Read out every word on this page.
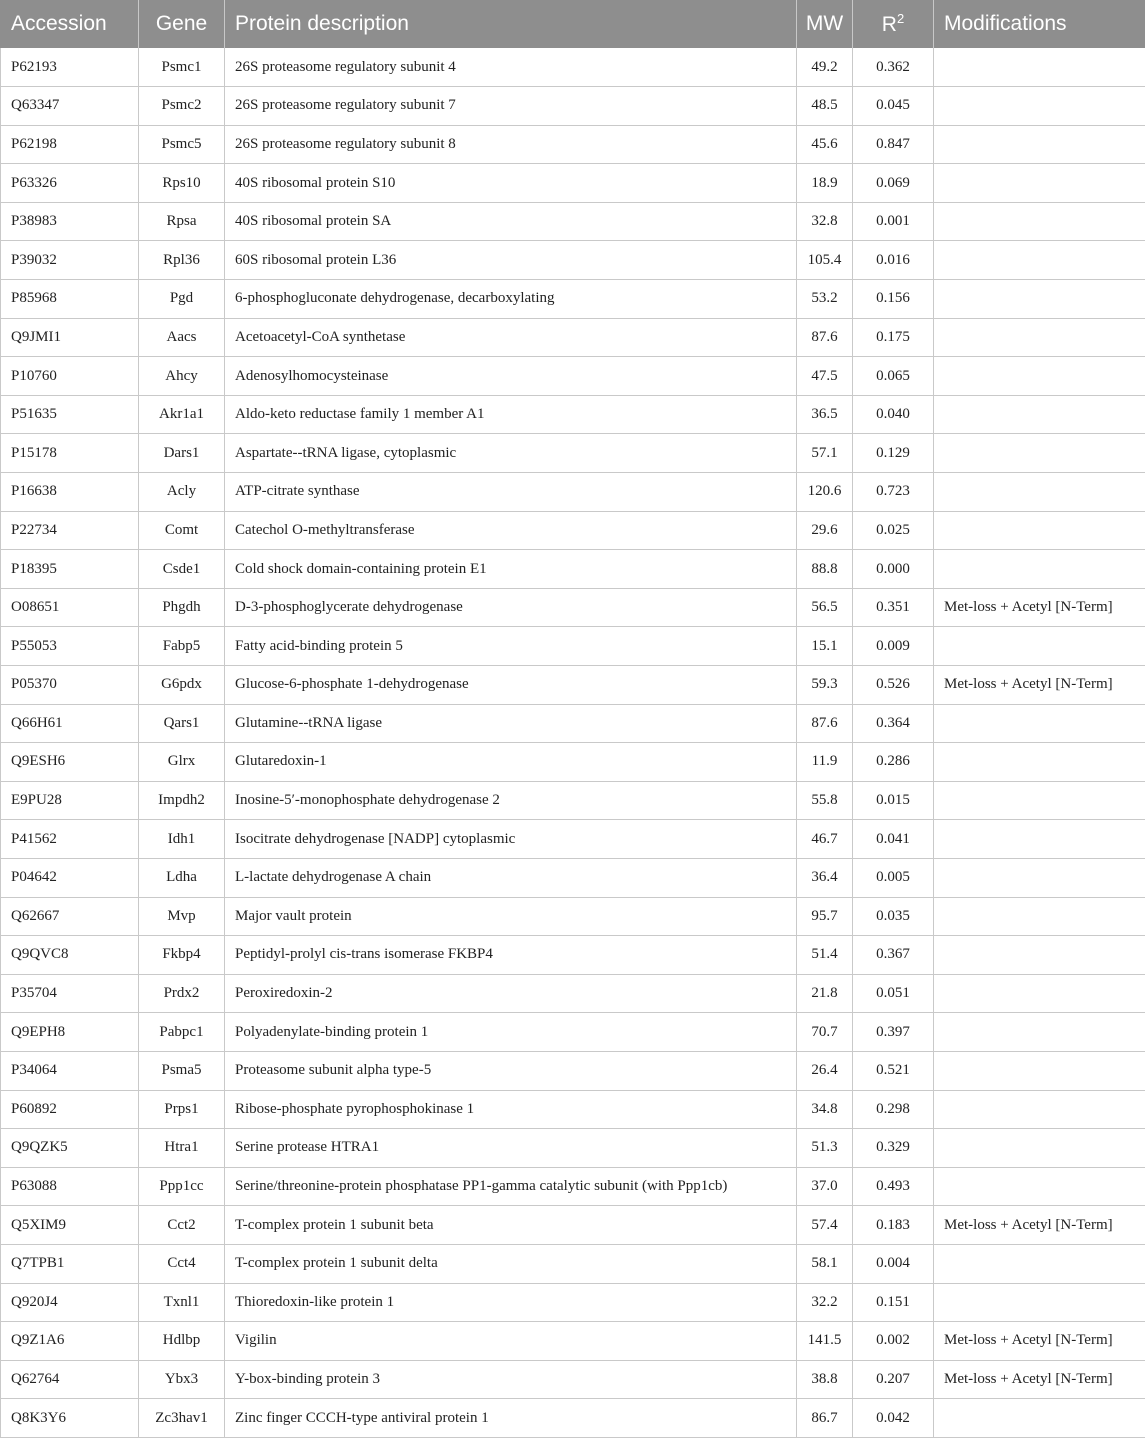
Accession	Gene	Protein description	MW	$R^2$	Modifications
P62193	Psmc1	26S proteasome regulatory subunit 4	49.2	0.362	
Q63347	Psmc2	26S proteasome regulatory subunit 7	48.5	0.045	
P62198	Psmc5	26S proteasome regulatory subunit 8	45.6	0.847	
P63326	Rps10	40S ribosomal protein S10	18.9	0.069	
P38983	Rpsa	40S ribosomal protein SA	32.8	0.001	
P39032	Rpl36	60S ribosomal protein L36	105.4	0.016	
P85968	Pgd	6-phosphogluconate dehydrogenase, decarboxylating	53.2	0.156	
Q9JMI1	Aacs	Acetoacetyl-CoA synthetase	87.6	0.175	
P10760	Ahcy	Adenosylhomocysteinase	47.5	0.065	
P51635	Akr1a1	Aldo-keto reductase family 1 member A1	36.5	0.040	
P15178	Dars1	Aspartate--tRNA ligase, cytoplasmic	57.1	0.129	
P16638	Acly	ATP-citrate synthase	120.6	0.723	
P22734	Comt	Catechol O-methyltransferase	29.6	0.025	
P18395	Csde1	Cold shock domain-containing protein E1	88.8	0.000	
O08651	Phgdh	D-3-phosphoglycerate dehydrogenase	56.5	0.351	Met-loss + Acetyl [N-Term]
P55053	Fabp5	Fatty acid-binding protein 5	15.1	0.009	
P05370	G6pdx	Glucose-6-phosphate 1-dehydrogenase	59.3	0.526	Met-loss + Acetyl [N-Term]
Q66H61	Qars1	Glutamine--tRNA ligase	87.6	0.364	
Q9ESH6	Glrx	Glutaredoxin-1	11.9	0.286	
E9PU28	Impdh2	Inosine-5′-monophosphate dehydrogenase 2	55.8	0.015	
P41562	Idh1	Isocitrate dehydrogenase [NADP] cytoplasmic	46.7	0.041	
P04642	Ldha	L-lactate dehydrogenase A chain	36.4	0.005	
Q62667	Mvp	Major vault protein	95.7	0.035	
Q9QVC8	Fkbp4	Peptidyl-prolyl cis-trans isomerase FKBP4	51.4	0.367	
P35704	Prdx2	Peroxiredoxin-2	21.8	0.051	
Q9EPH8	Pabpc1	Polyadenylate-binding protein 1	70.7	0.397	
P34064	Psma5	Proteasome subunit alpha type-5	26.4	0.521	
P60892	Prps1	Ribose-phosphate pyrophosphokinase 1	34.8	0.298	
Q9QZK5	Htra1	Serine protease HTRA1	51.3	0.329	
P63088	Ppp1cc	Serine/threonine-protein phosphatase PP1-gamma catalytic subunit (with Ppp1cb)	37.0	0.493	
Q5XIM9	Cct2	T-complex protein 1 subunit beta	57.4	0.183	Met-loss + Acetyl [N-Term]
Q7TPB1	Cct4	T-complex protein 1 subunit delta	58.1	0.004	
Q920J4	Txnl1	Thioredoxin-like protein 1	32.2	0.151	
Q9Z1A6	Hdlbp	Vigilin	141.5	0.002	Met-loss + Acetyl [N-Term]
Q62764	Ybx3	Y-box-binding protein 3	38.8	0.207	Met-loss + Acetyl [N-Term]
Q8K3Y6	Zc3hav1	Zinc finger CCCH-type antiviral protein 1	86.7	0.042	
